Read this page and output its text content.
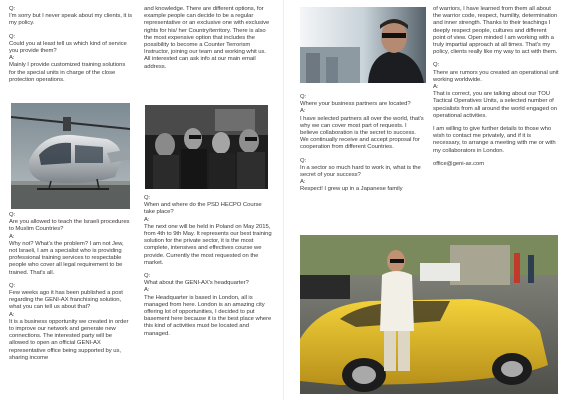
Q:

I'm sorry but I never speak about my clients, it is my policy.

Q:

Could you at least tell us which kind of service you provide them?

A:

Mainly I provide customized training solutions for the special units in charge of the close protection operations.

Q:

Are you allowed to teach the Israeli procedures to Muslim Countries?

A:

Why not? What's the problem? I am not Jew, not Israeli, I am a specialist who is providing professional training services to respectable people who cover all legal requirement to be trained. That's all.

Q:

Few weeks ago it has been published a post regarding the GENI-AX franchising solution, what you can tell us about that?

A:

It is a business opportunity we created in order to improve our network and generate new connections. The interested party will be allowed to open an official GENI-AX representative office being supported by us, sharing income

and knowledge. There are different options, for example people can decide to be a regular representative or an exclusive one with exclusive rights for his/ her Country/territory. There is also the most expensive option that includes the possibility to become a Counter Terrorism Instructor, joining our team and working whit us. All interested can ask info at our main email address.

Q:

When and where do the PSD HECPO Course take place?

A:

The next one will be held in Poland on May 2015, from 4th to 9th May. It represents our best training solution for the private sector, it is the most complete, intensives and effectives course we provide. Currently the most requested on the market.

Q:

What about the GENI-AX's headquarter?

A:

The Headquarter is based in London, all is managed from here. London is an amazing city offering lot of opportunities, I decided to put basement here because it is the best place where this kind of activities must be located and managed.

Q:

Where your business partners are located?

A:

I have selected partners all over the world, that's why we can cover most part of requests. I believe collaboration is the secret to success. We continually receive and accept proposal for cooperation from different Countries.

Q:

In a sector so much hard to work in, what is the secret of your success?

A:

Respect! I grew up in a Japanese family

of warriors, I have learned from them all about the warrior code, respect, humility, determination and inner strength. Thanks to their teachings I deeply respect people, cultures and different point of view. Open minded I am working with a truly impartial approach at all times. That's my policy, clients really like my way to act with them.

Q:

There are rumors you created an operational unit working worldwide.

A:

That is correct, you are talking about our TOU Tactical Operatives Units, a selected number of specialists from all around the world engaged on operational activities.

I am willing to give further details to those who wish to contact me privately, and if it is necessary, to arrange a meeting with me or with my collaborators in London.

office@geni-ax.com
